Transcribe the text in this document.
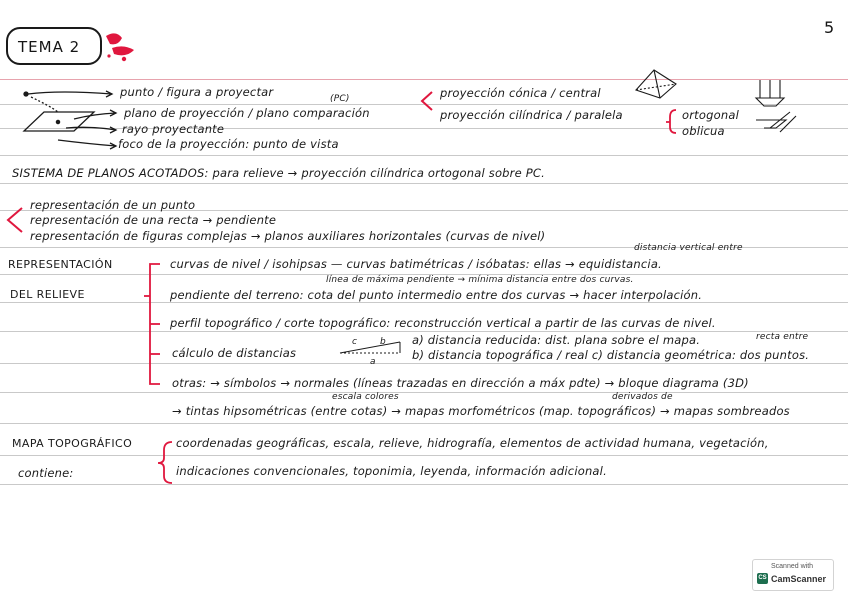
TEMA 2
5
punto / figura a proyectar
plano de proyección / plano comparación
(PC)
rayo proyectante
foco de la proyección: punto de vista
proyección cónica / central
proyección cilíndrica / paralela	ortogonal
oblicua
SISTEMA DE PLANOS ACOTADOS: para relieve → proyección cilíndrica ortogonal sobre PC.
representación de un punto
representación de una recta → pendiente
representación de figuras complejas → planos auxiliares horizontales (curvas de nivel)
REPRESENTACIÓN
DEL RELIEVE
distancia vertical entre
curvas de nivel / isohipsas — curvas batimétricas / isóbatas: ellas → equidistancia.
línea de máxima pendiente → mínima distancia entre dos curvas.
pendiente del terreno: cota del punto intermedio entre dos curvas → hacer interpolación.
perfil topográfico / corte topográfico: reconstrucción vertical a partir de las curvas de nivel.
cálculo de distancias
c	b
a
a) distancia reducida: dist. plana sobre el mapa.	recta entre
b) distancia topográfica / real c) distancia geométrica: dos puntos.
otras: → símbolos → normales (líneas trazadas en dirección a máx pdte) → bloque diagrama (3D)
escala colores	derivados de
→ tintas hipsométricas (entre cotas) → mapas morfométricos (map. topográficos) → mapas sombreados
MAPA TOPOGRÁFICO
contiene:
coordenadas geográficas, escala, relieve, hidrografía, elementos de actividad humana, vegetación,
indicaciones convencionales, toponimia, leyenda, información adicional.
Scanned with
CS CamScanner
